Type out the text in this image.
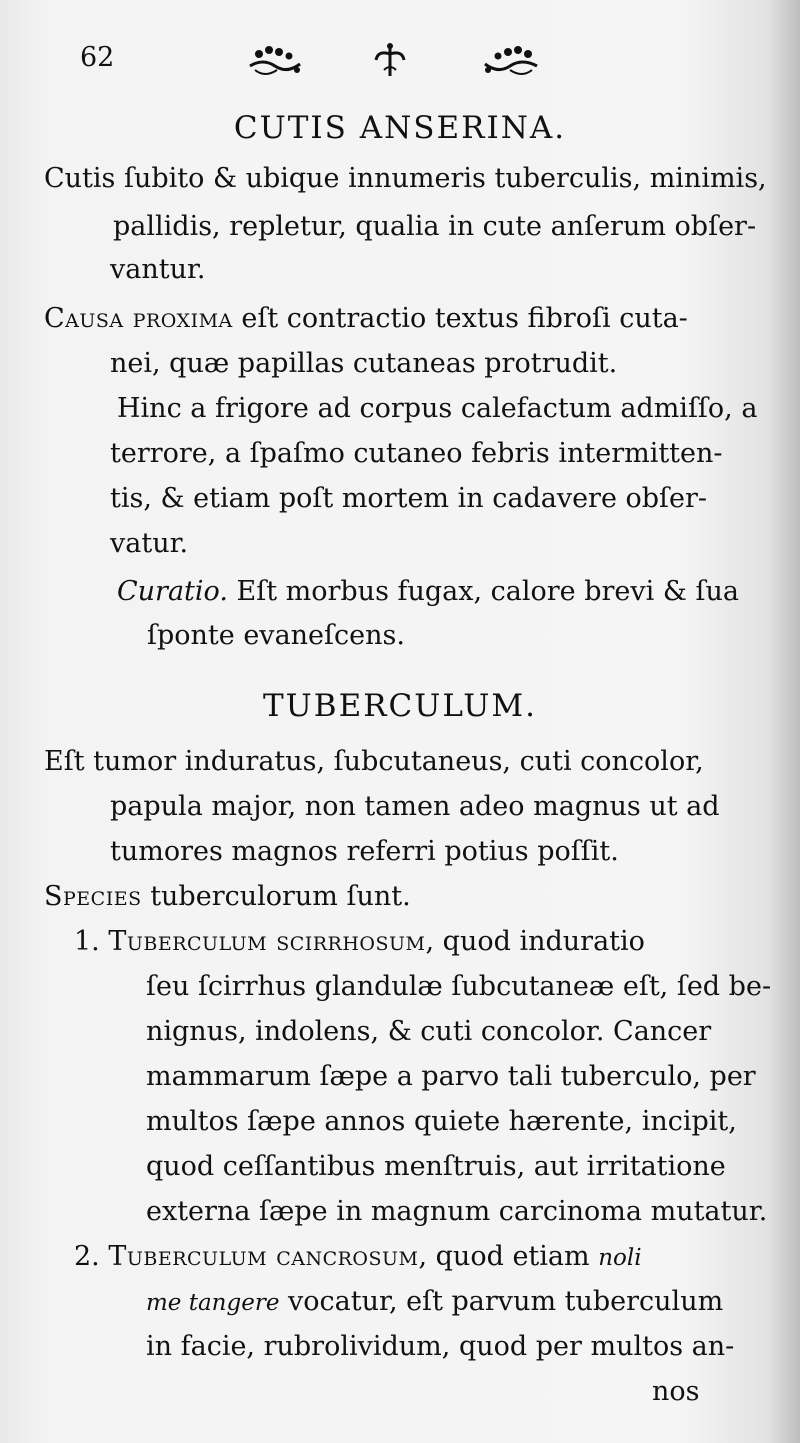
62
CUTIS ANSERINA.
Cutis ſubito & ubique innumeris tuberculis, minimis,
pallidis, repletur, qualia in cute anſerum obſer-
vantur.
Causa proxima eſt contractio textus fibroſi cuta-
nei, quæ papillas cutaneas protrudit.
Hinc a frigore ad corpus calefactum admiſſo, a
terrore, a ſpaſmo cutaneo febris intermitten-
tis, & etiam poſt mortem in cadavere obſer-
vatur.
Curatio. Eſt morbus fugax, calore brevi & ſua
ſponte evaneſcens.
TUBERCULUM.
Eſt tumor induratus, ſubcutaneus, cuti concolor,
papula major, non tamen adeo magnus ut ad
tumores magnos referri potius poſſit.
Species tuberculorum ſunt.
1. Tuberculum scirrhosum, quod induratio
ſeu ſcirrhus glandulæ ſubcutaneæ eſt, ſed be-
nignus, indolens, & cuti concolor. Cancer
mammarum ſæpe a parvo tali tuberculo, per
multos ſæpe annos quiete hærente, incipit,
quod ceſſantibus menſtruis, aut irritatione
externa ſæpe in magnum carcinoma mutatur.
2. Tuberculum cancrosum, quod etiam noli
me tangere vocatur, eſt parvum tuberculum
in facie, rubrolividum, quod per multos an-
nos
